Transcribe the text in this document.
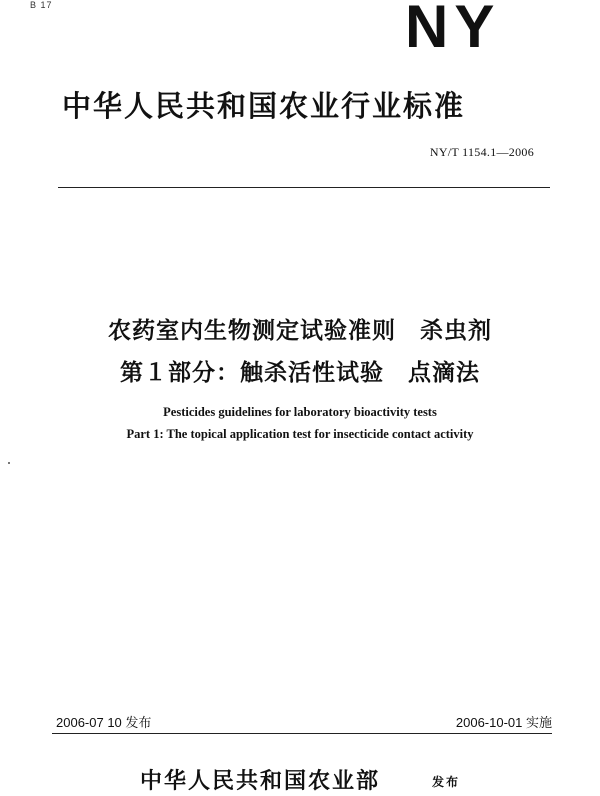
B 17	NY
中华人民共和国农业行业标准
NY/T 1154.1—2006
农药室内生物测定试验准则　杀虫剂
第１部分：触杀活性试验　点滴法
Pesticides guidelines for laboratory bioactivity tests
Part 1: The topical application test for insecticide contact activity
2006-07 10 发布	2006-10-01 实施
中华人民共和国农业部	发布
